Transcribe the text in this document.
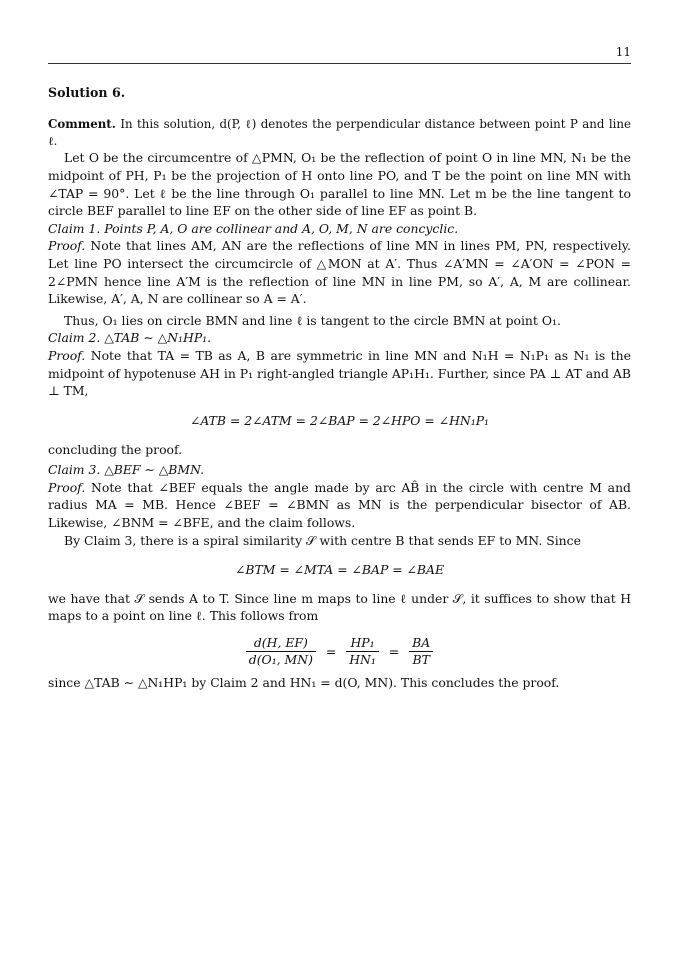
11
Solution 6.

Comment. In this solution, d(P, ℓ) denotes the perpendicular distance between point P and line ℓ.

Let O be the circumcentre of △PMN, O₁ be the reflection of point O in line MN, N₁ be the midpoint of PH, P₁ be the projection of H onto line PO, and T be the point on line MN with ∠TAP = 90°. Let ℓ be the line through O₁ parallel to line MN. Let m be the line tangent to circle BEF parallel to line EF on the other side of line EF as point B.

Claim 1. Points P, A, O are collinear and A, O, M, N are concyclic.

Proof. Note that lines AM, AN are the reflections of line MN in lines PM, PN, respectively. Let line PO intersect the circumcircle of △MON at A′. Thus ∠A′MN = ∠A′ON = ∠PON = 2∠PMN hence line A′M is the reflection of line MN in line PM, so A′, A, M are collinear. Likewise, A′, A, N are collinear so A = A′.

Thus, O₁ lies on circle BMN and line ℓ is tangent to the circle BMN at point O₁.

Claim 2. △TAB ∼ △N₁HP₁.

Proof. Note that TA = TB as A, B are symmetric in line MN and N₁H = N₁P₁ as N₁ is the midpoint of hypotenuse AH in P₁ right-angled triangle AP₁H₁. Further, since PA ⊥ AT and AB ⊥ TM,

∠ATB = 2∠ATM = 2∠BAP = 2∠HPO = ∠HN₁P₁

concluding the proof.

Claim 3. △BEF ∼ △BMN.

Proof. Note that ∠BEF equals the angle made by arc AB̂ in the circle with centre M and radius MA = MB. Hence ∠BEF = ∠BMN as MN is the perpendicular bisector of AB. Likewise, ∠BNM = ∠BFE, and the claim follows.

By Claim 3, there is a spiral similarity 𝒮 with centre B that sends EF to MN. Since

∠BTM = ∠MTA = ∠BAP = ∠BAE

we have that 𝒮 sends A to T. Since line m maps to line ℓ under 𝒮, it suffices to show that H maps to a point on line ℓ. This follows from

$\frac{d(H, EF)}{\text{d(O₁, MN)}} = \frac{\text{HP₁}}{\text{HN₁}} = \frac{BA}{BT}$

since △TAB ∼ △N₁HP₁ by Claim 2 and HN₁ = d(O, MN). This concludes the proof.
